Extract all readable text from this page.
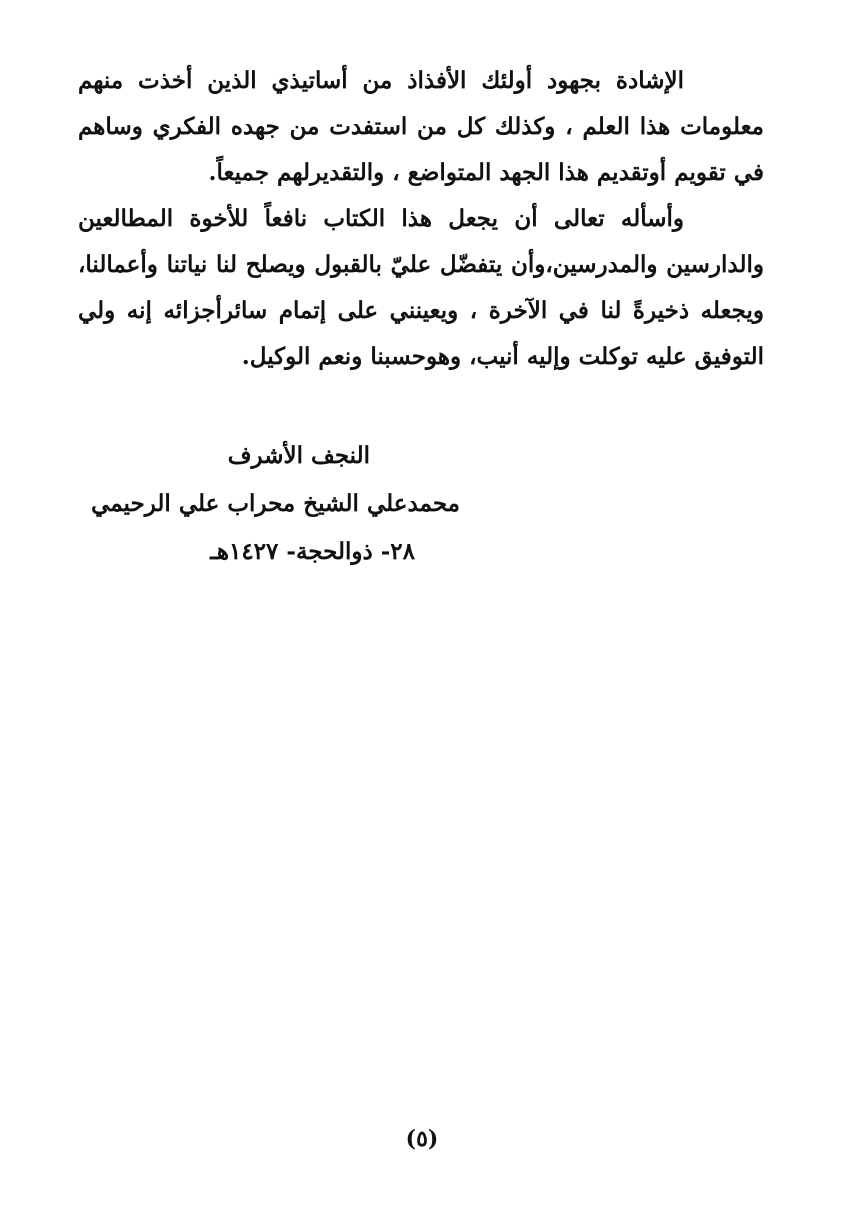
الإشادة بجهود أولئك الأفذاذ من أساتيذي الذين أخذت منهم معلومات هذا العلم ، وكذلك كل من استفدت من جهده الفكري وساهم في تقويم أوتقديم هذا الجهد المتواضع ، والتقديرلهم جميعاً.

وأسأله تعالى أن يجعل هذا الكتاب نافعاً للأخوة المطالعين والدارسين والمدرسين،وأن يتفضّل عليّ بالقبول ويصلح لنا نياتنا وأعمالنا، ويجعله ذخيرةً لنا في الآخرة ، ويعينني على إتمام سائرأجزائه إنه ولي التوفيق عليه توكلت وإليه أنيب، وهوحسبنا ونعم الوكيل.

النجف الأشرف
محمدعلي الشيخ محراب علي الرحيمي
٢٨- ذوالحجة- ١٤٢٧هـ
(٥)
